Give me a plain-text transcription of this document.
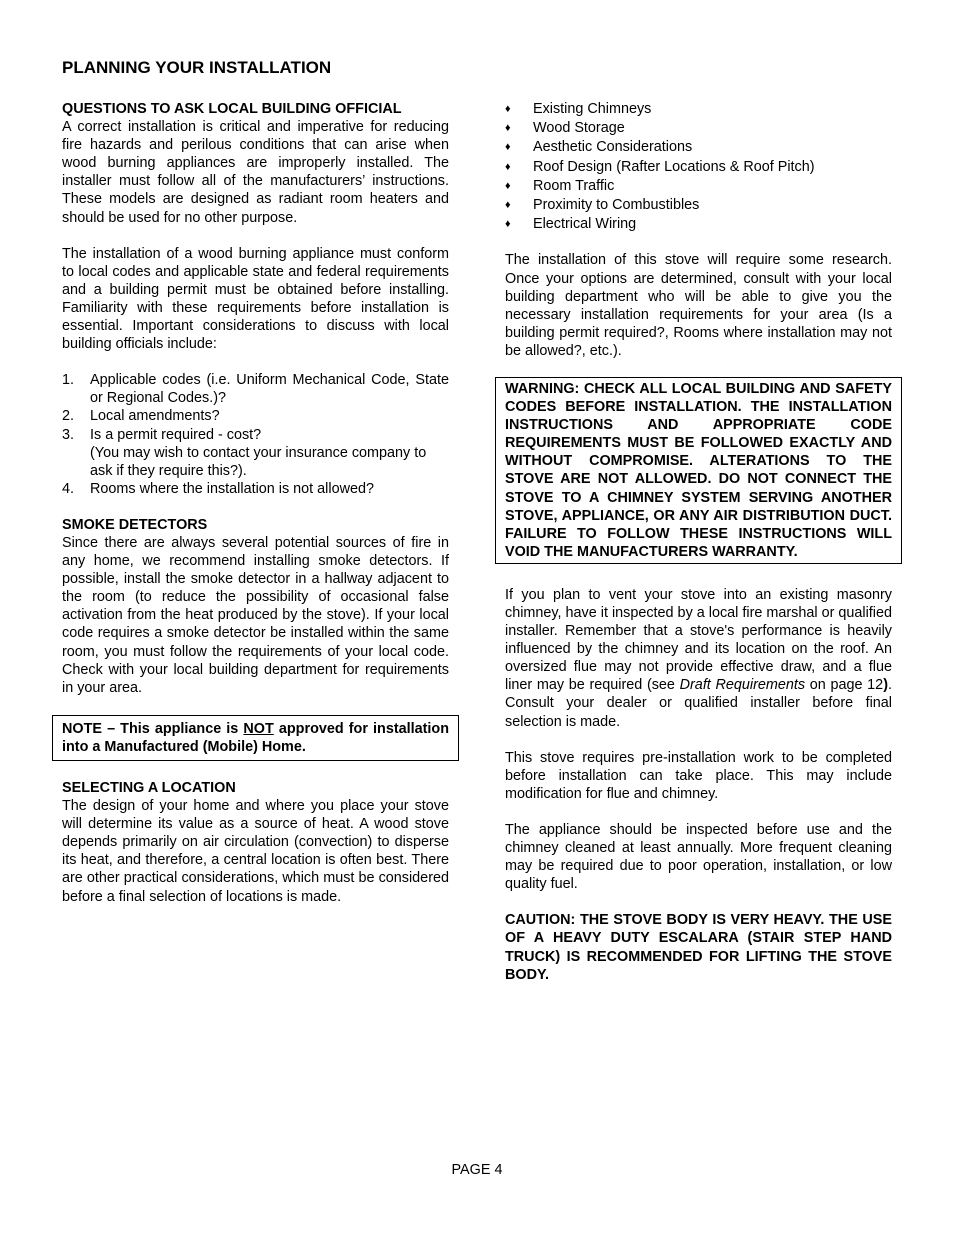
PLANNING YOUR INSTALLATION
QUESTIONS TO ASK LOCAL BUILDING OFFICIAL

A correct installation is critical and imperative for reducing fire hazards and perilous conditions that can arise when wood burning appliances are improperly installed. The installer must follow all of the manufacturers’ instructions. These models are designed as radiant room heaters and should be used for no other purpose.

The installation of a wood burning appliance must conform to local codes and applicable state and federal requirements and a building permit must be obtained before installing. Familiarity with these requirements before installation is essential. Important considerations to discuss with local building officials include:

1. Applicable codes (i.e. Uniform Mechanical Code, State or Regional Codes.)?
2. Local amendments?
3. Is a permit required - cost?

(You may wish to contact your insurance company to ask if they require this?).
4. Rooms where the installation is not allowed?
SMOKE DETECTORS

Since there are always several potential sources of fire in any home, we recommend installing smoke detectors. If possible, install the smoke detector in a hallway adjacent to the room (to reduce the possibility of occasional false activation from the heat produced by the stove). If your local code requires a smoke detector be installed within the same room, you must follow the requirements of your local code. Check with your local building department for requirements in your area.

NOTE – This appliance is NOT approved for installation into a Manufactured (Mobile) Home.
SELECTING A LOCATION

The design of your home and where you place your stove will determine its value as a source of heat. A wood stove depends primarily on air circulation (convection) to disperse its heat, and therefore, a central location is often best. There are other practical considerations, which must be considered before a final selection of locations is made.

♦ Existing Chimneys
♦ Wood Storage
♦ Aesthetic Considerations
♦ Roof Design (Rafter Locations & Roof Pitch)
♦ Room Traffic
♦ Proximity to Combustibles
♦ Electrical Wiring

The installation of this stove will require some research. Once your options are determined, consult with your local building department who will be able to give you the necessary installation requirements for your area (Is a building permit required?, Rooms where installation may not be allowed?, etc.).

WARNING: CHECK ALL LOCAL BUILDING AND SAFETY CODES BEFORE INSTALLATION. THE INSTALLATION INSTRUCTIONS AND APPROPRIATE CODE REQUIREMENTS MUST BE FOLLOWED EXACTLY AND WITHOUT COMPROMISE. ALTERATIONS TO THE STOVE ARE NOT ALLOWED. DO NOT CONNECT THE STOVE TO A CHIMNEY SYSTEM SERVING ANOTHER STOVE, APPLIANCE, OR ANY AIR DISTRIBUTION DUCT. FAILURE TO FOLLOW THESE INSTRUCTIONS WILL VOID THE MANUFACTURERS WARRANTY.

If you plan to vent your stove into an existing masonry chimney, have it inspected by a local fire marshal or qualified installer. Remember that a stove's performance is heavily influenced by the chimney and its location on the roof. An oversized flue may not provide effective draw, and a flue liner may be required (see Draft Requirements on page 12). Consult your dealer or qualified installer before final selection is made.

This stove requires pre-installation work to be completed before installation can take place. This may include modification for flue and chimney.

The appliance should be inspected before use and the chimney cleaned at least annually. More frequent cleaning may be required due to poor operation, installation, or low quality fuel.

CAUTION: THE STOVE BODY IS VERY HEAVY. THE USE OF A HEAVY DUTY ESCALARA (STAIR STEP HAND TRUCK) IS RECOMMENDED FOR LIFTING THE STOVE BODY.

PAGE 4
